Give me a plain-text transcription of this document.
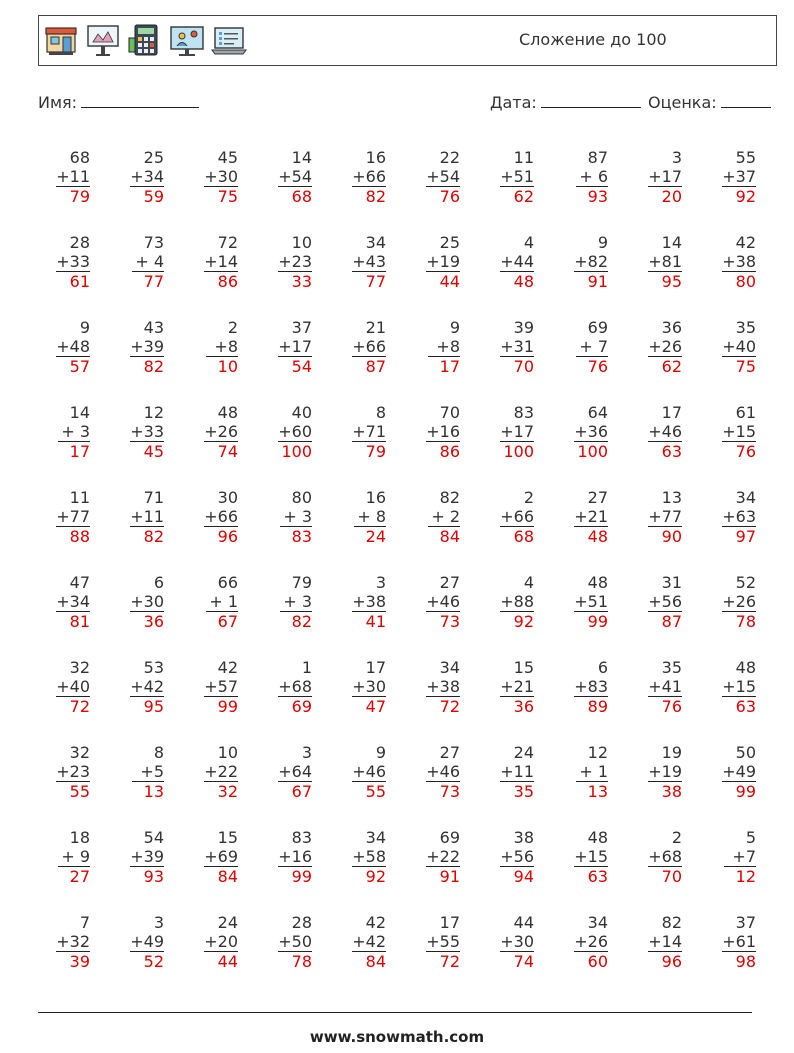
Сложение до 100
Имя:	Дата:	Оценка:
68
+11
79
25
+34
59
45
+30
75
14
+54
68
16
+66
82
22
+54
76
11
+51
62
87
+ 6
93
3
+17
20
55
+37
92
28
+33
61
73
+ 4
77
72
+14
86
10
+23
33
34
+43
77
25
+19
44
4
+44
48
9
+82
91
14
+81
95
42
+38
80
9
+48
57
43
+39
82
2
+8
10
37
+17
54
21
+66
87
9
+8
17
39
+31
70
69
+ 7
76
36
+26
62
35
+40
75
14
+ 3
17
12
+33
45
48
+26
74
40
+60
100
8
+71
79
70
+16
86
83
+17
100
64
+36
100
17
+46
63
61
+15
76
11
+77
88
71
+11
82
30
+66
96
80
+ 3
83
16
+ 8
24
82
+ 2
84
2
+66
68
27
+21
48
13
+77
90
34
+63
97
47
+34
81
6
+30
36
66
+ 1
67
79
+ 3
82
3
+38
41
27
+46
73
4
+88
92
48
+51
99
31
+56
87
52
+26
78
32
+40
72
53
+42
95
42
+57
99
1
+68
69
17
+30
47
34
+38
72
15
+21
36
6
+83
89
35
+41
76
48
+15
63
32
+23
55
8
+5
13
10
+22
32
3
+64
67
9
+46
55
27
+46
73
24
+11
35
12
+ 1
13
19
+19
38
50
+49
99
18
+ 9
27
54
+39
93
15
+69
84
83
+16
99
34
+58
92
69
+22
91
38
+56
94
48
+15
63
2
+68
70
5
+7
12
7
+32
39
3
+49
52
24
+20
44
28
+50
78
42
+42
84
17
+55
72
44
+30
74
34
+26
60
82
+14
96
37
+61
98
www.snowmath.com
